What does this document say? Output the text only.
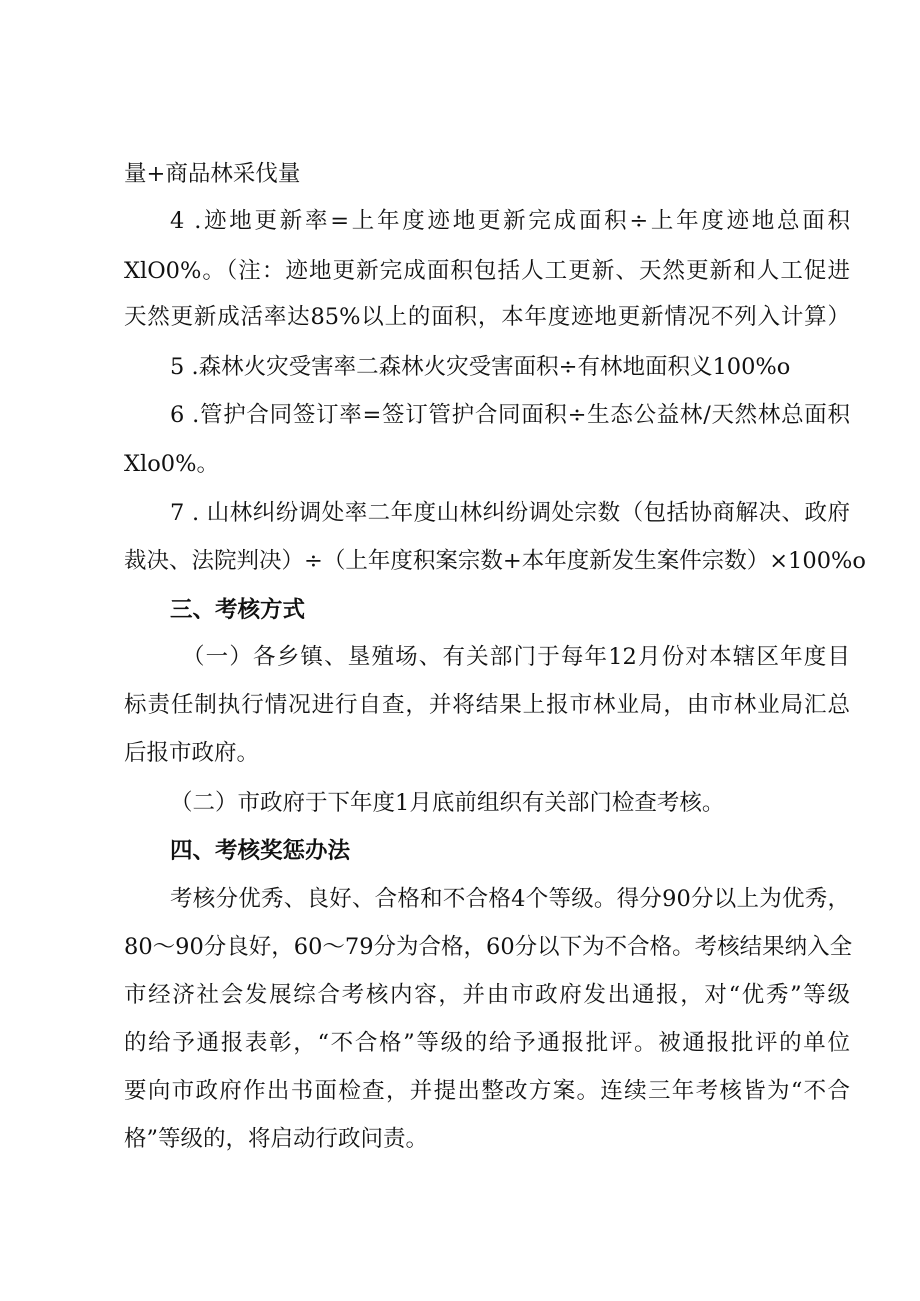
量+商品林采伐量
4 .迹地更新率=上年度迹地更新完成面积÷上年度迹地总面积
XlO0%。（注：迹地更新完成面积包括人工更新、天然更新和人工促进
天然更新成活率达85%以上的面积，本年度迹地更新情况不列入计算）
5 .森林火灾受害率二森林火灾受害面积÷有林地面积义100%o
6 .管护合同签订率=签订管护合同面积÷生态公益林/天然林总面积
Xlo0%。
7 . 山林纠纷调处率二年度山林纠纷调处宗数（包括协商解决、政府
裁决、法院判决）÷（上年度积案宗数+本年度新发生案件宗数）×100%o
三、考核方式
（一）各乡镇、垦殖场、有关部门于每年12月份对本辖区年度目
标责任制执行情况进行自查，并将结果上报市林业局，由市林业局汇总
后报市政府。
（二）市政府于下年度1月底前组织有关部门检查考核。
四、考核奖惩办法
考核分优秀、良好、合格和不合格4个等级。得分90分以上为优秀，
80～90分良好，60～79分为合格，60分以下为不合格。考核结果纳入全
市经济社会发展综合考核内容，并由市政府发出通报，对“优秀”等级
的给予通报表彰，“不合格”等级的给予通报批评。被通报批评的单位
要向市政府作出书面检查，并提出整改方案。连续三年考核皆为“不合
格”等级的，将启动行政问责。
